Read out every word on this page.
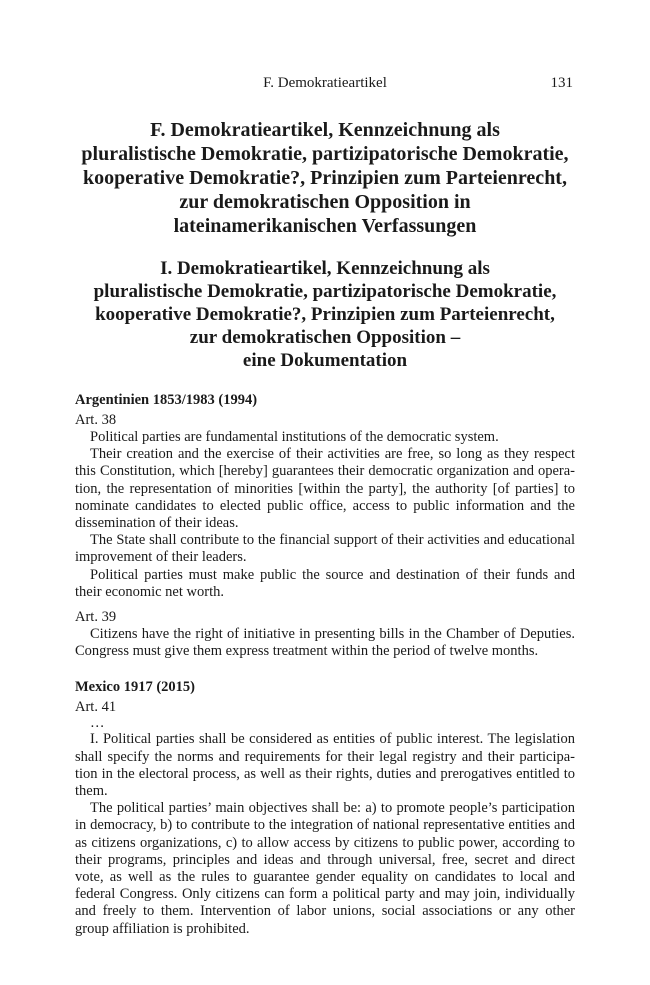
F. Demokratieartikel	131
F. Demokratieartikel, Kennzeichnung als
pluralistische Demokratie, partizipatorische Demokratie,
kooperative Demokratie?, Prinzipien zum Parteienrecht,
zur demokratischen Opposition in
lateinamerikanischen Verfassungen
I. Demokratieartikel, Kennzeichnung als
pluralistische Demokratie, partizipatorische Demokratie,
kooperative Demokratie?, Prinzipien zum Parteienrecht,
zur demokratischen Opposition –
eine Dokumentation

Argentinien 1853/1983 (1994)

Art. 38

Political parties are fundamental institutions of the democratic system.

Their creation and the exercise of their activities are free, so long as they respect this Constitution, which [hereby] guarantees their democratic organization and operation, the representation of minorities [within the party], the authority [of parties] to nominate candidates to elected public office, access to public information and the dissemination of their ideas.

The State shall contribute to the financial support of their activities and educational improvement of their leaders.

Political parties must make public the source and destination of their funds and their economic net worth.

Art. 39

Citizens have the right of initiative in presenting bills in the Chamber of Deputies. Congress must give them express treatment within the period of twelve months.

Mexico 1917 (2015)

Art. 41

…

I. Political parties shall be considered as entities of public interest. The legislation shall specify the norms and requirements for their legal registry and their participation in the electoral process, as well as their rights, duties and prerogatives entitled to them.

The political parties’ main objectives shall be: a) to promote people’s participation in democracy, b) to contribute to the integration of national representative entities and as citizens organizations, c) to allow access by citizens to public power, according to their programs, principles and ideas and through universal, free, secret and direct vote, as well as the rules to guarantee gender equality on candidates to local and federal Congress. Only citizens can form a political party and may join, individually and freely to them. Intervention of labor unions, social associations or any other group affiliation is prohibited.
